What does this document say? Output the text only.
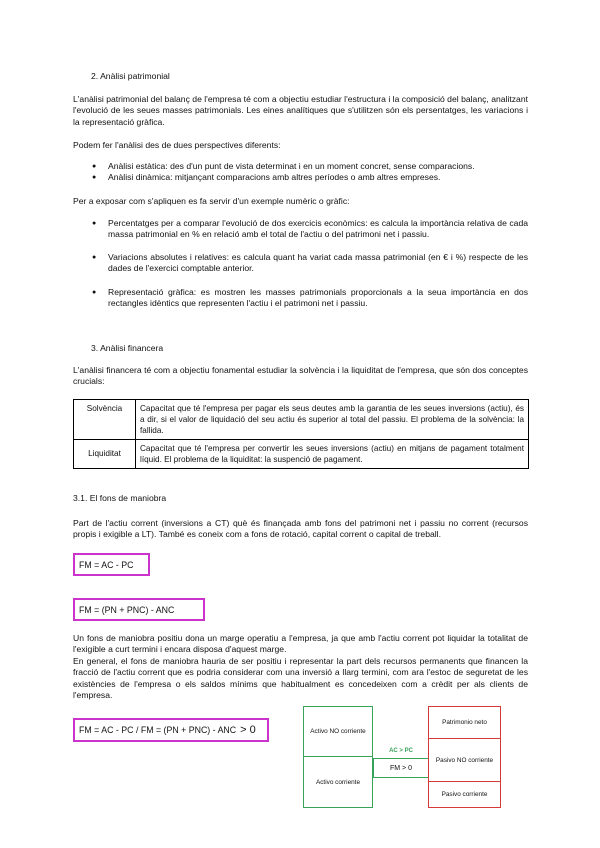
2. Anàlisi patrimonial
L'anàlisi patrimonial del balanç de l'empresa té com a objectiu estudiar l'estructura i la composició del balanç, analitzant l'evolució de les seues masses patrimonials. Les eines analítiques que s'utilitzen són els persentatges, les variacions i la representació gràfica.
Podem fer l'anàlisi des de dues perspectives diferents:
● Anàlisi estàtica: des d'un punt de vista determinat i en un moment concret, sense comparacions.
● Anàlisi dinàmica: mitjançant comparacions amb altres períodes o amb altres empreses.
Per a exposar com s'apliquen es fa servir d'un exemple numèric o gràfic:
● Percentatges per a comparar l'evolució de dos exercicis econòmics: es calcula la importància relativa de cada massa patrimonial en % en relació amb el total de l'actiu o del patrimoni net i passiu.
● Variacions absolutes i relatives: es calcula quant ha variat cada massa patrimonial (en € i %) respecte de les dades de l'exercici comptable anterior.
● Representació gràfica: es mostren les masses patrimonials proporcionals a la seua importància en dos rectangles idèntics que representen l'actiu i el patrimoni net i passiu.
3. Anàlisi financera
L'anàlisi financera té com a objectiu fonamental estudiar la solvència i la liquiditat de l'empresa, que són dos conceptes crucials:
Solvència	Capacitat que té l'empresa per pagar els seus deutes amb la garantia de les seues inversions (actiu), és a dir, si el valor de liquidació del seu actiu és superior al total del passiu. El problema de la solvència: la fallida.
Liquiditat	Capacitat que té l'empresa per convertir les seues inversions (actiu) en mitjans de pagament totalment líquid. El problema de la liquiditat: la suspenció de pagament.
3.1. El fons de maniobra
Part de l'actiu corrent (inversions a CT) què és finançada amb fons del patrimoni net i passiu no corrent (recursos propis i exigible a LT). També es coneix com a fons de rotació, capital corrent o capital de treball.
FM = AC - PC
FM = (PN + PNC) - ANC
Un fons de maniobra positiu dona un marge operatiu a l'empresa, ja que amb l'actiu corrent pot liquidar la totalitat de l'exigible a curt termini i encara disposa d'aquest marge.
En general, el fons de maniobra hauria de ser positiu i representar la part dels recursos permanents que financen la fracció de l'actiu corrent que es podria considerar com una inversió a llarg termini, com ara l'estoc de seguretat de les existències de l'empresa o els saldos mínims que habitualment es concedeixen com a crèdit per als clients de l'empresa.
FM = AC - PC / FM = (PN + PNC) - ANC > 0	Activo NO corriente
Activo corriente
AC > PC
FM > 0
Patrimonio neto
Pasivo NO corriente
Pasivo corriente
